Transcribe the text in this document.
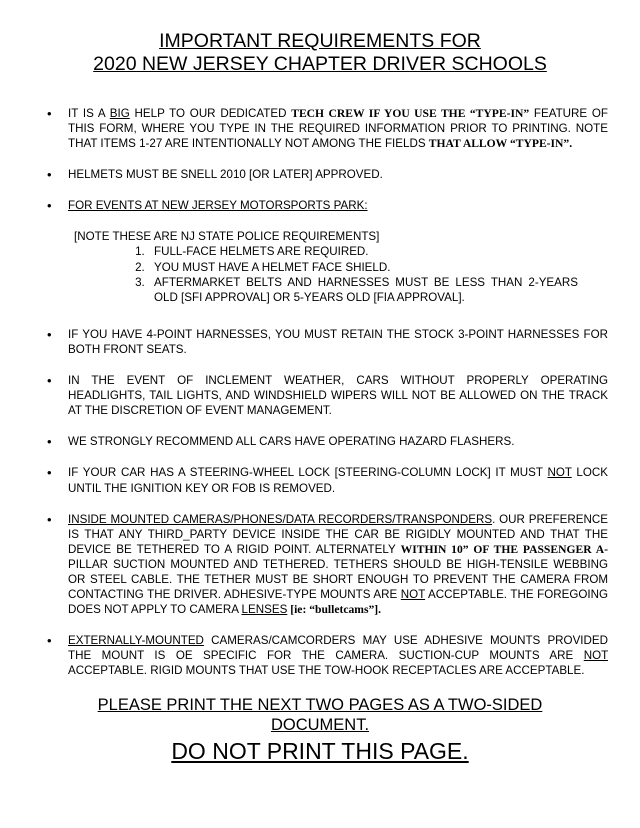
IMPORTANT REQUIREMENTS FOR
2020 NEW JERSEY CHAPTER DRIVER SCHOOLS
• IT IS A BIG HELP TO OUR DEDICATED TECH CREW IF YOU USE THE “TYPE-IN” FEATURE OF THIS FORM, WHERE YOU TYPE IN THE REQUIRED INFORMATION PRIOR TO PRINTING. NOTE THAT ITEMS 1-27 ARE INTENTIONALLY NOT AMONG THE FIELDS THAT ALLOW “TYPE-IN”.
• HELMETS MUST BE SNELL 2010 [OR LATER] APPROVED.
• FOR EVENTS AT NEW JERSEY MOTORSPORTS PARK:
[NOTE THESE ARE NJ STATE POLICE REQUIREMENTS]
1. FULL-FACE HELMETS ARE REQUIRED.
2. YOU MUST HAVE A HELMET FACE SHIELD.
3. AFTERMARKET BELTS AND HARNESSES MUST BE LESS THAN 2-YEARS OLD [SFI APPROVAL] OR 5-YEARS OLD [FIA APPROVAL].
• IF YOU HAVE 4-POINT HARNESSES, YOU MUST RETAIN THE STOCK 3-POINT HARNESSES FOR BOTH FRONT SEATS.
• IN THE EVENT OF INCLEMENT WEATHER, CARS WITHOUT PROPERLY OPERATING HEADLIGHTS, TAIL LIGHTS, AND WINDSHIELD WIPERS WILL NOT BE ALLOWED ON THE TRACK AT THE DISCRETION OF EVENT MANAGEMENT.
• WE STRONGLY RECOMMEND ALL CARS HAVE OPERATING HAZARD FLASHERS.
• IF YOUR CAR HAS A STEERING-WHEEL LOCK [STEERING-COLUMN LOCK] IT MUST NOT LOCK UNTIL THE IGNITION KEY OR FOB IS REMOVED.
• INSIDE MOUNTED CAMERAS/PHONES/DATA RECORDERS/TRANSPONDERS. OUR PREFERENCE IS THAT ANY THIRD_PARTY DEVICE INSIDE THE CAR BE RIGIDLY MOUNTED AND THAT THE DEVICE BE TETHERED TO A RIGID POINT. ALTERNATELY WITHIN 10” OF THE PASSENGER A-PILLAR SUCTION MOUNTED AND TETHERED. TETHERS SHOULD BE HIGH-TENSILE WEBBING OR STEEL CABLE. THE TETHER MUST BE SHORT ENOUGH TO PREVENT THE CAMERA FROM CONTACTING THE DRIVER. ADHESIVE-TYPE MOUNTS ARE NOT ACCEPTABLE. THE FOREGOING DOES NOT APPLY TO CAMERA LENSES [ie: “bulletcams”].
• EXTERNALLY-MOUNTED CAMERAS/CAMCORDERS MAY USE ADHESIVE MOUNTS PROVIDED THE MOUNT IS OE SPECIFIC FOR THE CAMERA. SUCTION-CUP MOUNTS ARE NOT ACCEPTABLE. RIGID MOUNTS THAT USE THE TOW-HOOK RECEPTACLES ARE ACCEPTABLE.
PLEASE PRINT THE NEXT TWO PAGES AS A TWO-SIDED
DOCUMENT.
DO NOT PRINT THIS PAGE.
